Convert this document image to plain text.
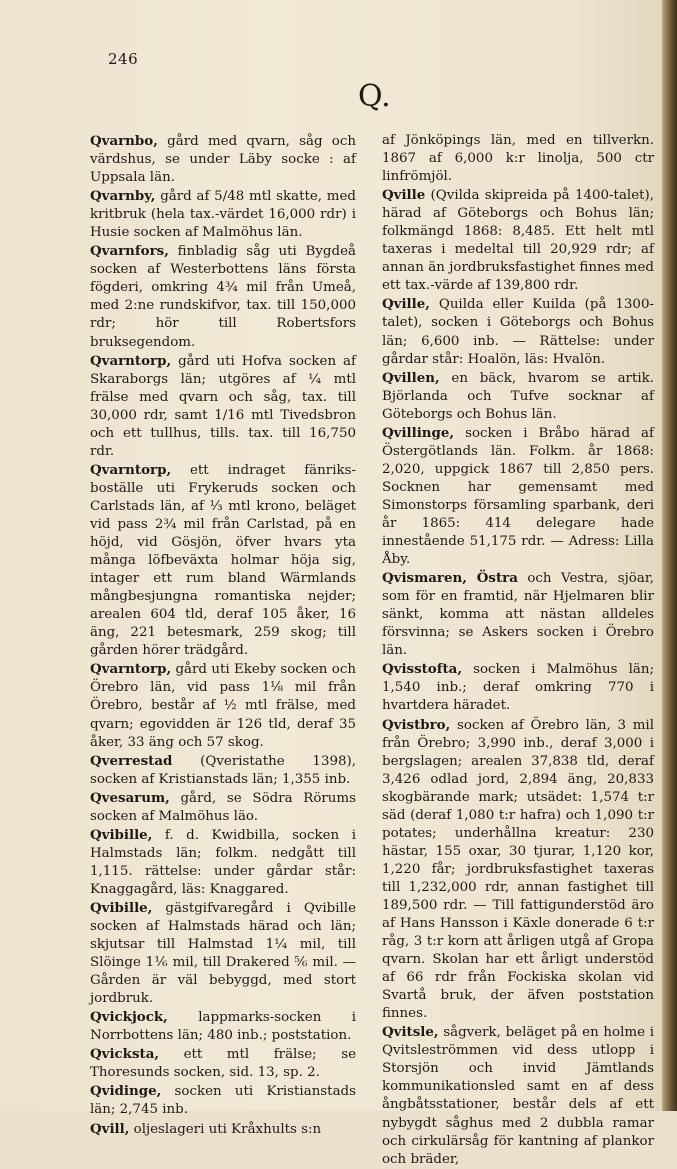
246
Q.

Qvarnbo, gård med qvarn, såg och värdshus, se under Läby socke : af Uppsala län.

Qvarnby, gård af 5/48 mtl skatte, med kritbruk (hela tax.-värdet 16,000 rdr) i Husie socken af Malmöhus län.

Qvarnfors, finbladig såg uti Bygdeå socken af Westerbottens läns första fögderi, omkring 4¾ mil från Umeå, med 2:ne rundskifvor, tax. till 150,000 rdr; hör till Robertsfors bruksegendom.

Qvarntorp, gård uti Hofva socken af Skaraborgs län; utgöres af ¼ mtl frälse med qvarn och såg, tax. till 30,000 rdr, samt 1/16 mtl Tivedsbron och ett tullhus, tills. tax. till 16,750 rdr.

Qvarntorp, ett indraget fänriks-boställe uti Frykeruds socken och Carlstads län, af ⅓ mtl krono, beläget vid pass 2¾ mil från Carlstad, på en höjd, vid Gösjön, öfver hvars yta många löfbeväxta holmar höja sig, intager ett rum bland Wärmlands mångbesjungna romantiska nejder; arealen 604 tld, deraf 105 åker, 16 äng, 221 betesmark, 259 skog; till gården hörer trädgård.

Qvarntorp, gård uti Ekeby socken och Örebro län, vid pass 1⅛ mil från Örebro, består af ½ mtl frälse, med qvarn; egovidden är 126 tld, deraf 35 åker, 33 äng och 57 skog.

Qverrestad (Qveristathe 1398), socken af Kristianstads län; 1,355 inb.

Qvesarum, gård, se Södra Rörums socken af Malmöhus läo.

Qvibille, f. d. Kwidbilla, socken i Halmstads län; folkm. nedgått till 1,115. rättelse: under gårdar står: Knaggagård, läs: Knaggared.

Qvibille, gästgifvaregård i Qvibille socken af Halmstads härad och län; skjutsar till Halmstad 1¼ mil, till Slöinge 1⅙ mil, till Drakered ⅚ mil. — Gården är väl bebyggd, med stort jordbruk.

Qvickjock, lappmarks-socken i Norrbottens län; 480 inb.; poststation.

Qvicksta, ett mtl frälse; se Thoresunds socken, sid. 13, sp. 2.

Qvidinge, socken uti Kristianstads län; 2,745 inb.

Qvill, oljeslageri uti Kråxhults s:n

af Jönköpings län, med en tillverkn. 1867 af 6,000 k:r linolja, 500 ctr linfrömjöl.

Qville (Qvilda skipreida på 1400-talet), härad af Göteborgs och Bohus län; folkmängd 1868: 8,485. Ett helt mtl taxeras i medeltal till 20,929 rdr; af annan än jordbruksfastighet finnes med ett tax.-värde af 139,800 rdr.

Qville, Quilda eller Kuilda (på 1300-talet), socken i Göteborgs och Bohus län; 6,600 inb. — Rättelse: under gårdar står: Hoalön, läs: Hvalön.

Qvillen, en bäck, hvarom se artik. Björlanda och Tufve socknar af Göteborgs och Bohus län.

Qvillinge, socken i Bråbo härad af Östergötlands län. Folkm. år 1868: 2,020, uppgick 1867 till 2,850 pers. Socknen har gemensamt med Simonstorps församling sparbank, deri år 1865: 414 delegare hade innestående 51,175 rdr. — Adress: Lilla Åby.

Qvismaren, Östra och Vestra, sjöar, som för en framtid, när Hjelmaren blir sänkt, komma att nästan alldeles försvinna; se Askers socken i Örebro län.

Qvisstofta, socken i Malmöhus län; 1,540 inb.; deraf omkring 770 i hvartdera häradet.

Qvistbro, socken af Örebro län, 3 mil från Örebro; 3,990 inb., deraf 3,000 i bergslagen; arealen 37,838 tld, deraf 3,426 odlad jord, 2,894 äng, 20,833 skogbärande mark; utsädet: 1,574 t:r säd (deraf 1,080 t:r hafra) och 1,090 t:r potates; underhållna kreatur: 230 hästar, 155 oxar, 30 tjurar, 1,120 kor, 1,220 får; jordbruksfastighet taxeras till 1,232,000 rdr, annan fastighet till 189,500 rdr. — Till fattigunderstöd äro af Hans Hansson i Käxle donerade 6 t:r råg, 3 t:r korn att årligen utgå af Gropa qvarn. Skolan har ett årligt understöd af 66 rdr från Fockiska skolan vid Svartå bruk, der äfven poststation finnes.

Qvitsle, sågverk, beläget på en holme i Qvitsleströmmen vid dess utlopp i Storsjön och invid Jämtlands kommunikationsled samt en af dess ångbåtsstationer, består dels af ett nybygdt såghus med 2 dubbla ramar och cirkulärsåg för kantning af plankor och bräder,
